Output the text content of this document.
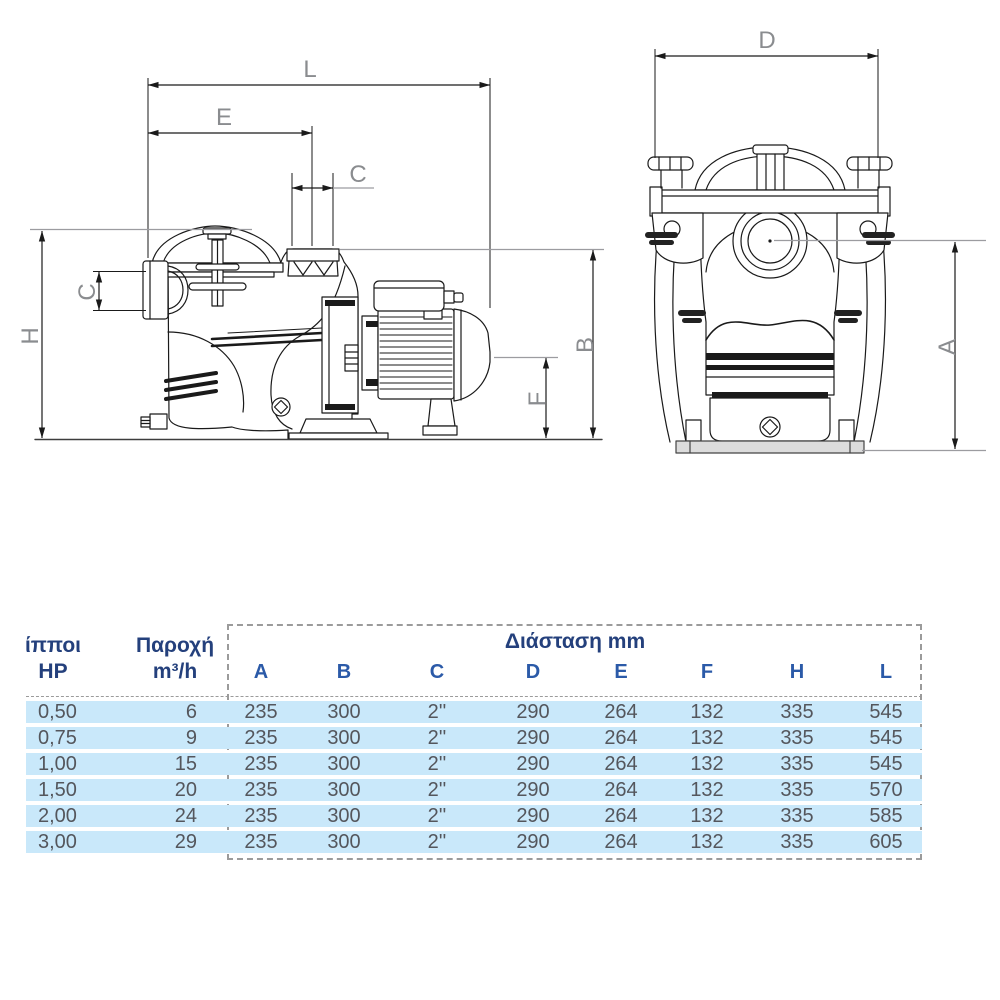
L
E
C
H
C
B
F
D
A
Διάσταση mm
ίπποι
HP
Παροχή
m³/h	A	B	C	D	E	F	H	L
0,50	6	235	300	2''	290	264	132	335	545
0,75	9	235	300	2''	290	264	132	335	545
1,00	15	235	300	2''	290	264	132	335	545
1,50	20	235	300	2''	290	264	132	335	570
2,00	24	235	300	2''	290	264	132	335	585
3,00	29	235	300	2''	290	264	132	335	605
